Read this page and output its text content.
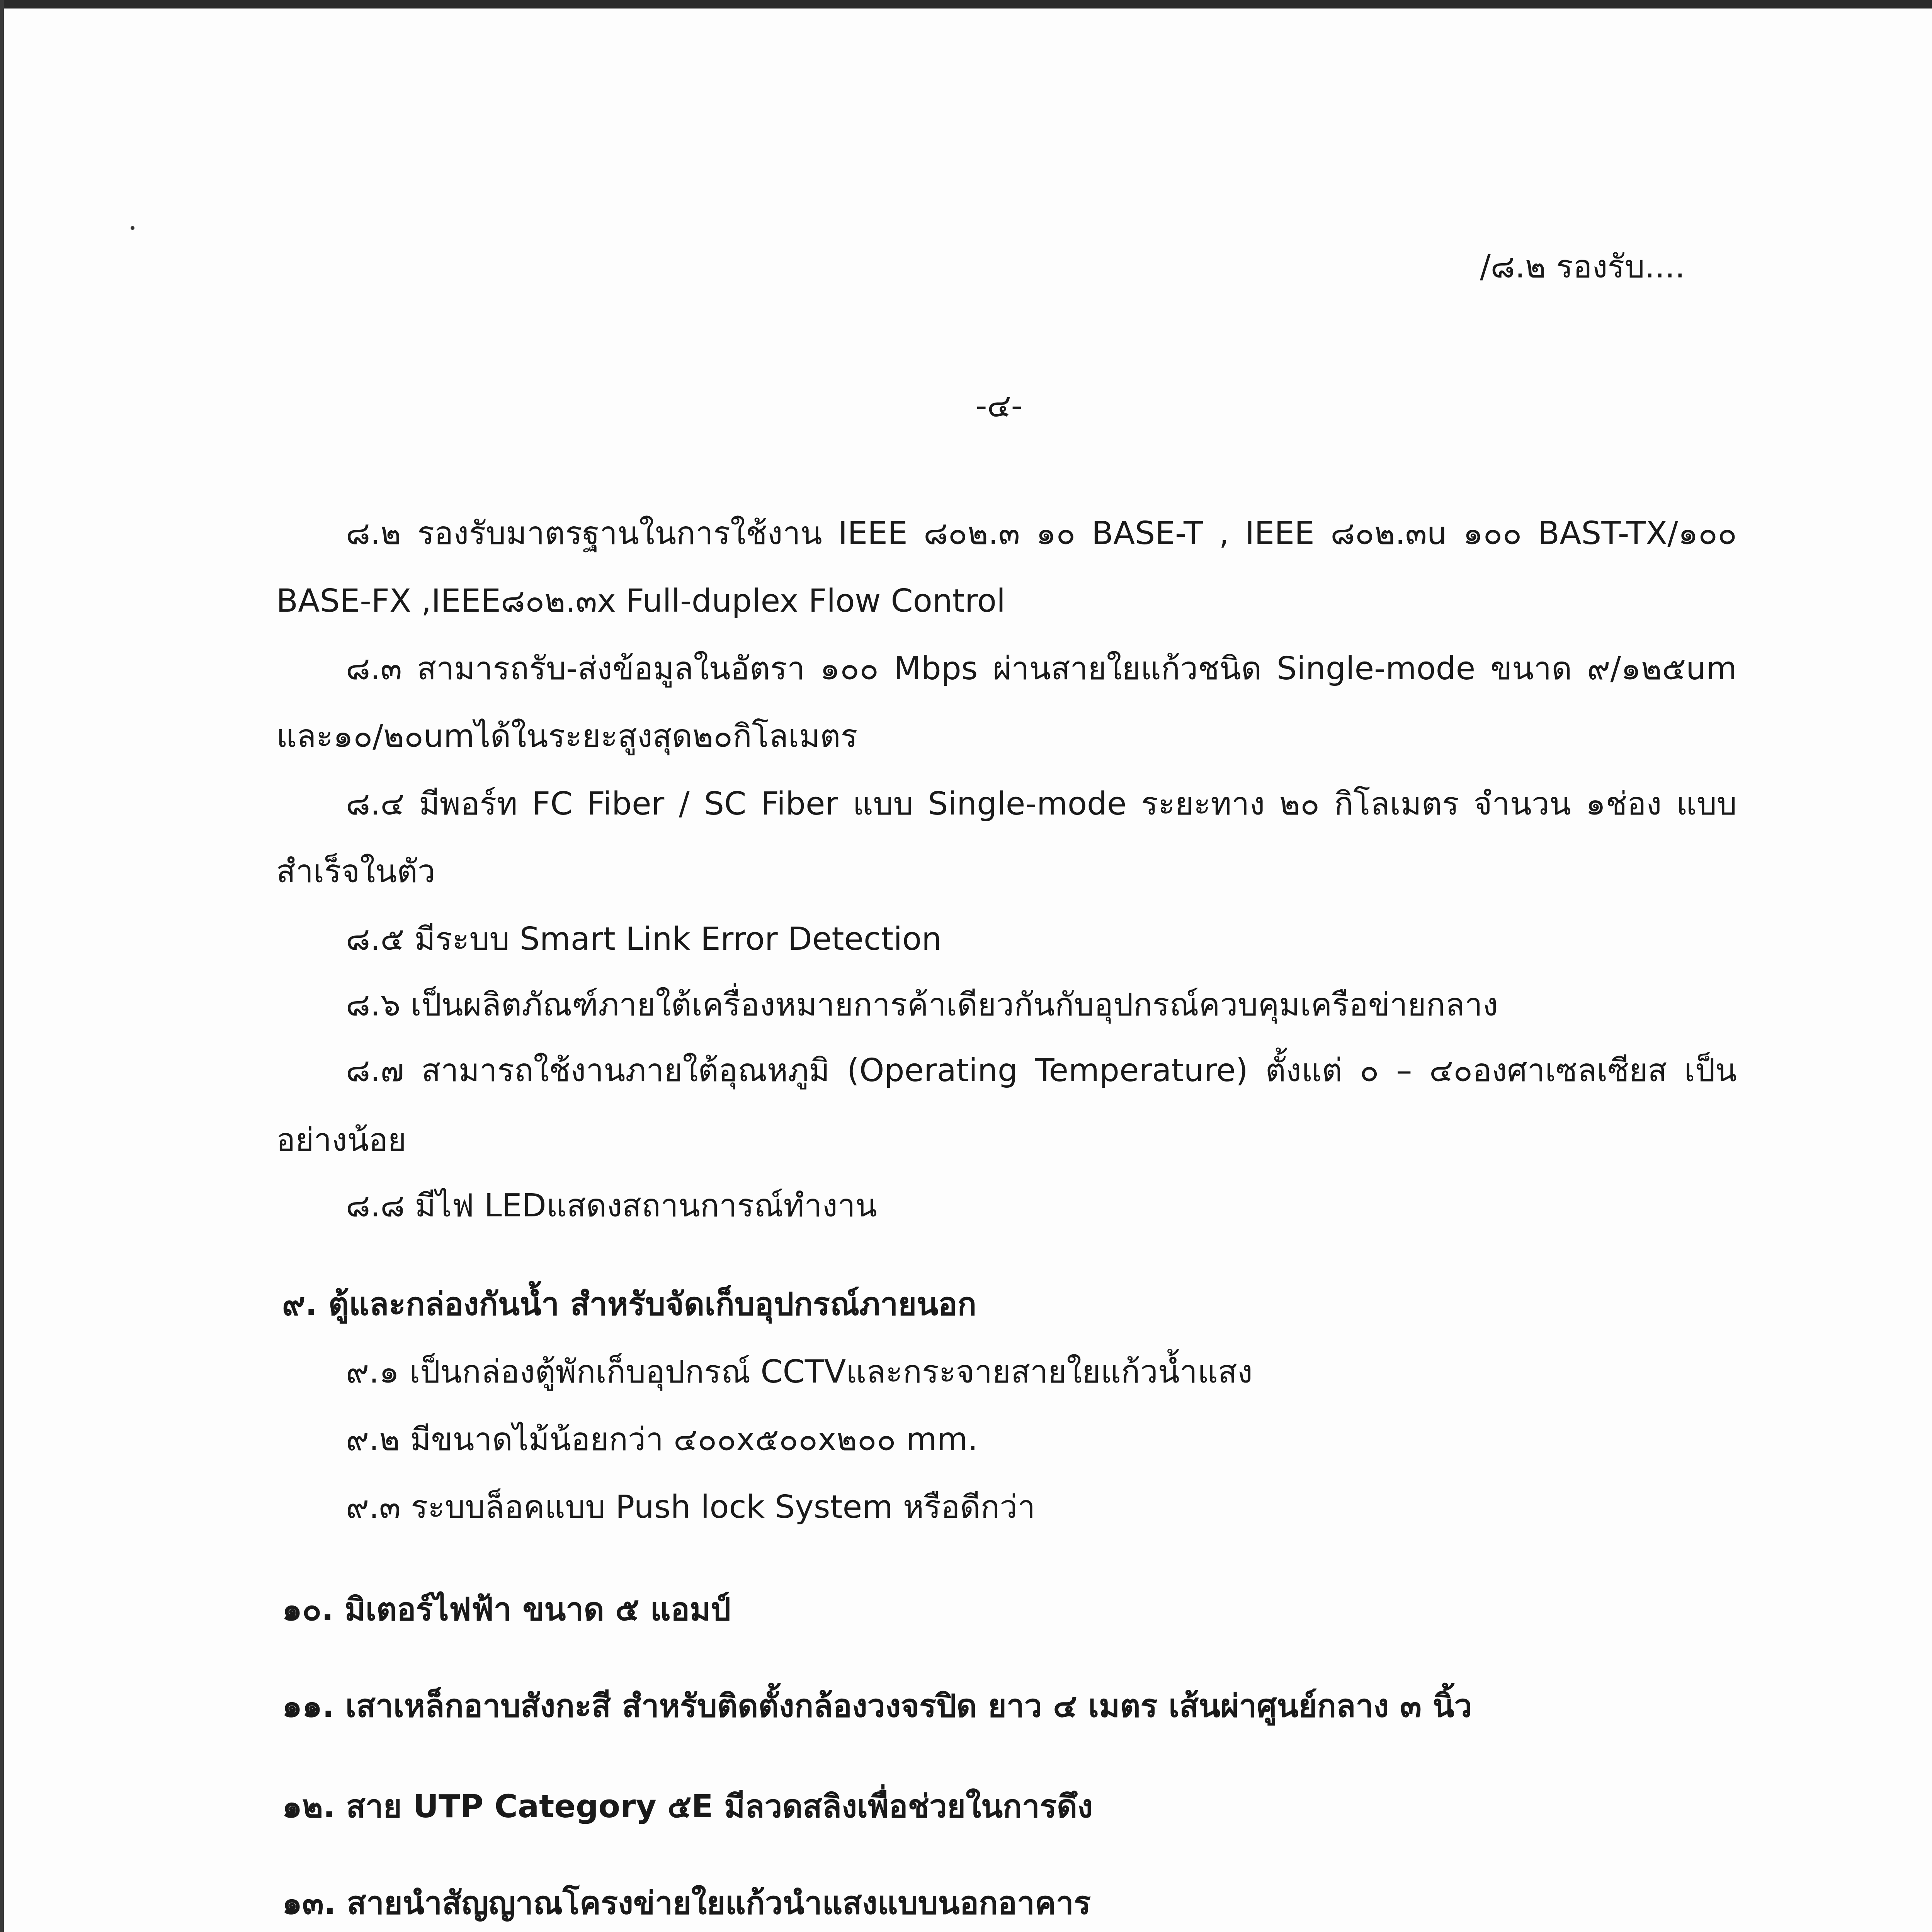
/๘.๒ รองรับ....
-๔-
๘.๒ รองรับมาตรฐานในการใช้งาน IEEE ๘๐๒.๓ ๑๐ BASE-T , IEEE ๘๐๒.๓u ๑๐๐ BAST-TX/๑๐๐
BASE-FX ,IEEE๘๐๒.๓x Full-duplex Flow Control
๘.๓ สามารถรับ-ส่งข้อมูลในอัตรา ๑๐๐ Mbps ผ่านสายใยแก้วชนิด Single-mode ขนาด ๙/๑๒๕um
และ๑๐/๒๐umได้ในระยะสูงสุด๒๐กิโลเมตร
๘.๔ มีพอร์ท FC Fiber / SC Fiber แบบ Single-mode ระยะทาง ๒๐ กิโลเมตร จำนวน ๑ช่อง แบบ
สำเร็จในตัว
๘.๕ มีระบบ Smart Link Error Detection
๘.๖ เป็นผลิตภัณฑ์ภายใต้เครื่องหมายการค้าเดียวกันกับอุปกรณ์ควบคุมเครือข่ายกลาง
๘.๗ สามารถใช้งานภายใต้อุณหภูมิ (Operating Temperature) ตั้งแต่ ๐ – ๔๐องศาเซลเซียส เป็น
อย่างน้อย
๘.๘ มีไฟ LEDแสดงสถานการณ์ทำงาน
๙. ตู้และกล่องกันน้ำ สำหรับจัดเก็บอุปกรณ์ภายนอก
๙.๑ เป็นกล่องตู้พักเก็บอุปกรณ์ CCTVและกระจายสายใยแก้วน้ำแสง
๙.๒ มีขนาดไม้น้อยกว่า ๔๐๐x๕๐๐x๒๐๐ mm.
๙.๓ ระบบล็อคแบบ Push lock System หรือดีกว่า
๑๐. มิเตอร์ไฟฟ้า ขนาด ๕ แอมป์
๑๑. เสาเหล็กอาบสังกะสี สำหรับติดตั้งกล้องวงจรปิด ยาว ๔ เมตร เส้นผ่าศูนย์กลาง ๓ นิ้ว
๑๒. สาย UTP Category ๕E มีลวดสลิงเพื่อช่วยในการดึง
๑๓. สายนำสัญญาณโครงข่ายใยแก้วนำแสงแบบนอกอาคาร
